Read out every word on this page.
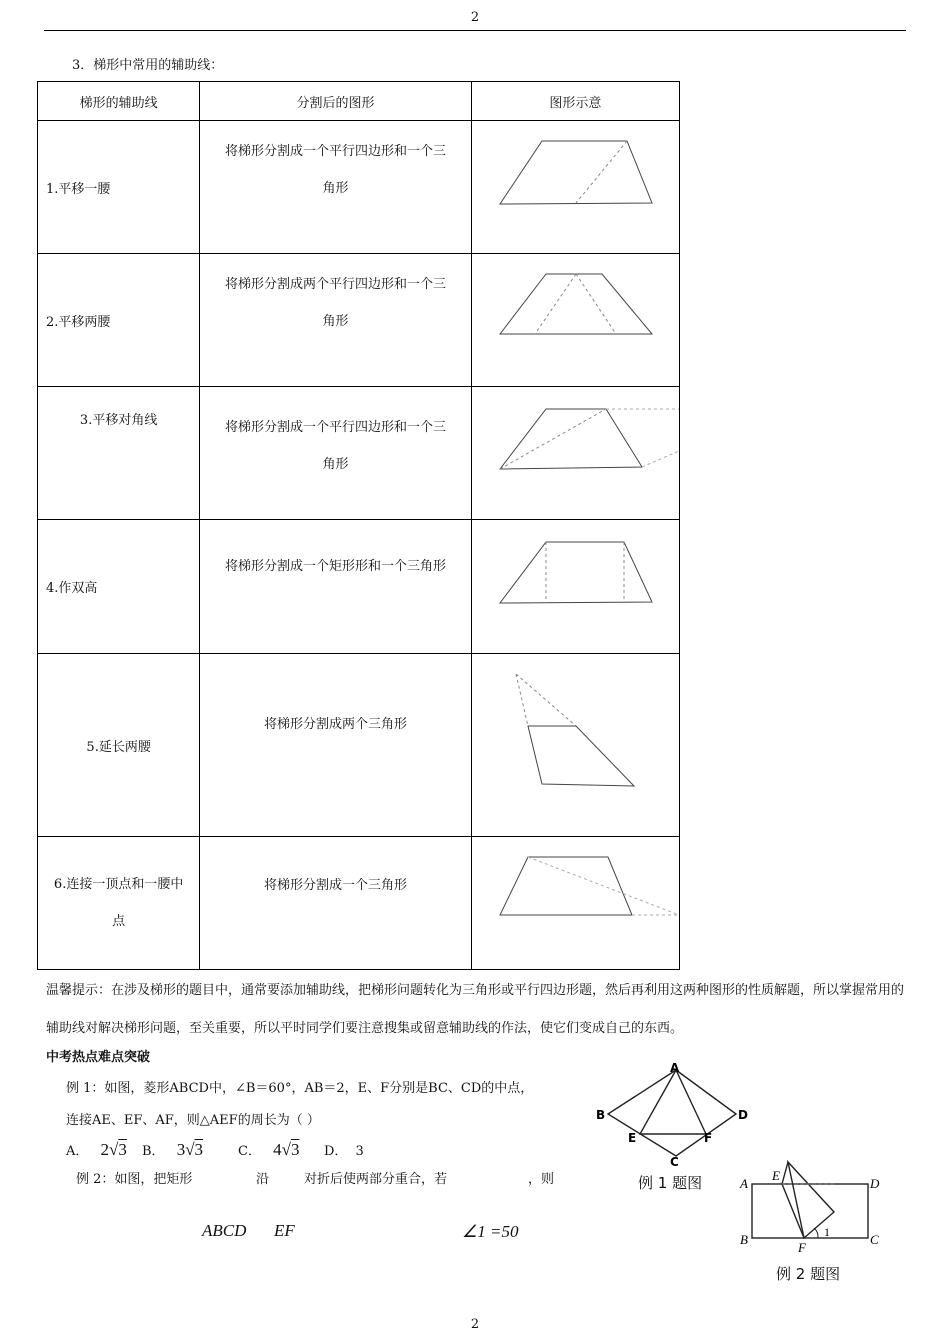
2
3．梯形中常用的辅助线：
梯形的辅助线	分割后的图形	图形示意
1.平移一腰	将梯形分割成一个平行四边形和一个三
角形

2.平移两腰	将梯形分割成两个平行四边形和一个三
角形

3.平移对角线	将梯形分割成一个平行四边形和一个三
角形

4.作双高	将梯形分割成一个矩形形和一个三角形

5.延长两腰	将梯形分割成两个三角形

6.连接一顶点和一腰中
点	将梯形分割成一个三角形

温馨提示：在涉及梯形的题目中，通常要添加辅助线，把梯形问题转化为三角形或平行四边形题，然后再利用这两种图形的性质解题，所以掌握常用的辅助线对解决梯形问题，至关重要，所以平时同学们要注意搜集或留意辅助线的作法，使它们变成自己的东西。
中考热点难点突破
例 1：如图，菱形ABCD中，∠B＝60°，AB＝2，E、F分别是BC、CD的中点，
连接AE、EF、AF，则△AEF的周长为（ ）
A． 2√3 B． 3√3	C． 4√3 D． 3
A
B
C
D
E	F
例 1 题图
例 2：如图，把矩形	沿	对折后使两部分重合，若	，则
ABCD EF	∠1 =50
A
B	C
D
E
F
1
例 2 题图
2
